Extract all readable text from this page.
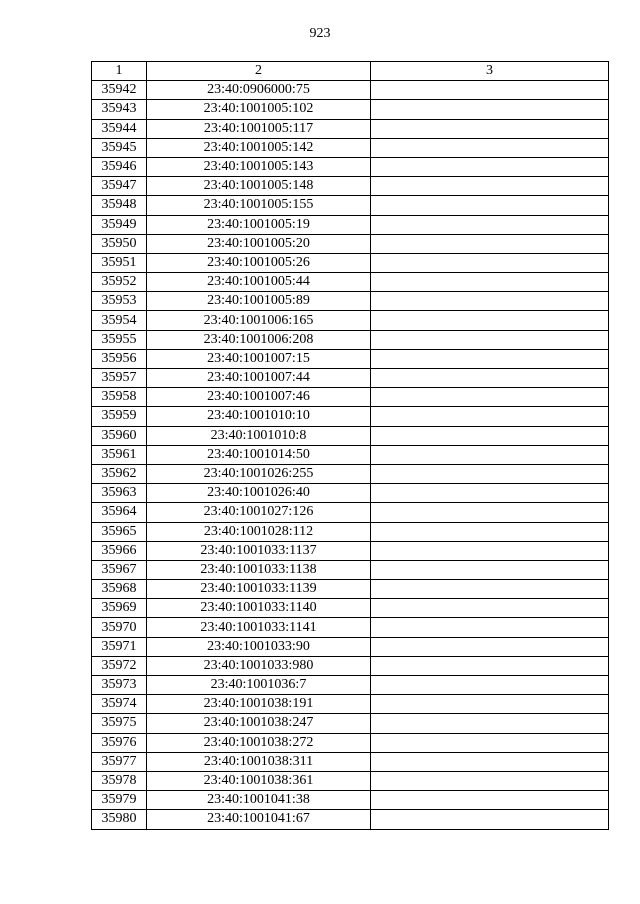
923
1	2	3
35942	23:40:0906000:75	
35943	23:40:1001005:102	
35944	23:40:1001005:117	
35945	23:40:1001005:142	
35946	23:40:1001005:143	
35947	23:40:1001005:148	
35948	23:40:1001005:155	
35949	23:40:1001005:19	
35950	23:40:1001005:20	
35951	23:40:1001005:26	
35952	23:40:1001005:44	
35953	23:40:1001005:89	
35954	23:40:1001006:165	
35955	23:40:1001006:208	
35956	23:40:1001007:15	
35957	23:40:1001007:44	
35958	23:40:1001007:46	
35959	23:40:1001010:10	
35960	23:40:1001010:8	
35961	23:40:1001014:50	
35962	23:40:1001026:255	
35963	23:40:1001026:40	
35964	23:40:1001027:126	
35965	23:40:1001028:112	
35966	23:40:1001033:1137	
35967	23:40:1001033:1138	
35968	23:40:1001033:1139	
35969	23:40:1001033:1140	
35970	23:40:1001033:1141	
35971	23:40:1001033:90	
35972	23:40:1001033:980	
35973	23:40:1001036:7	
35974	23:40:1001038:191	
35975	23:40:1001038:247	
35976	23:40:1001038:272	
35977	23:40:1001038:311	
35978	23:40:1001038:361	
35979	23:40:1001041:38	
35980	23:40:1001041:67	
